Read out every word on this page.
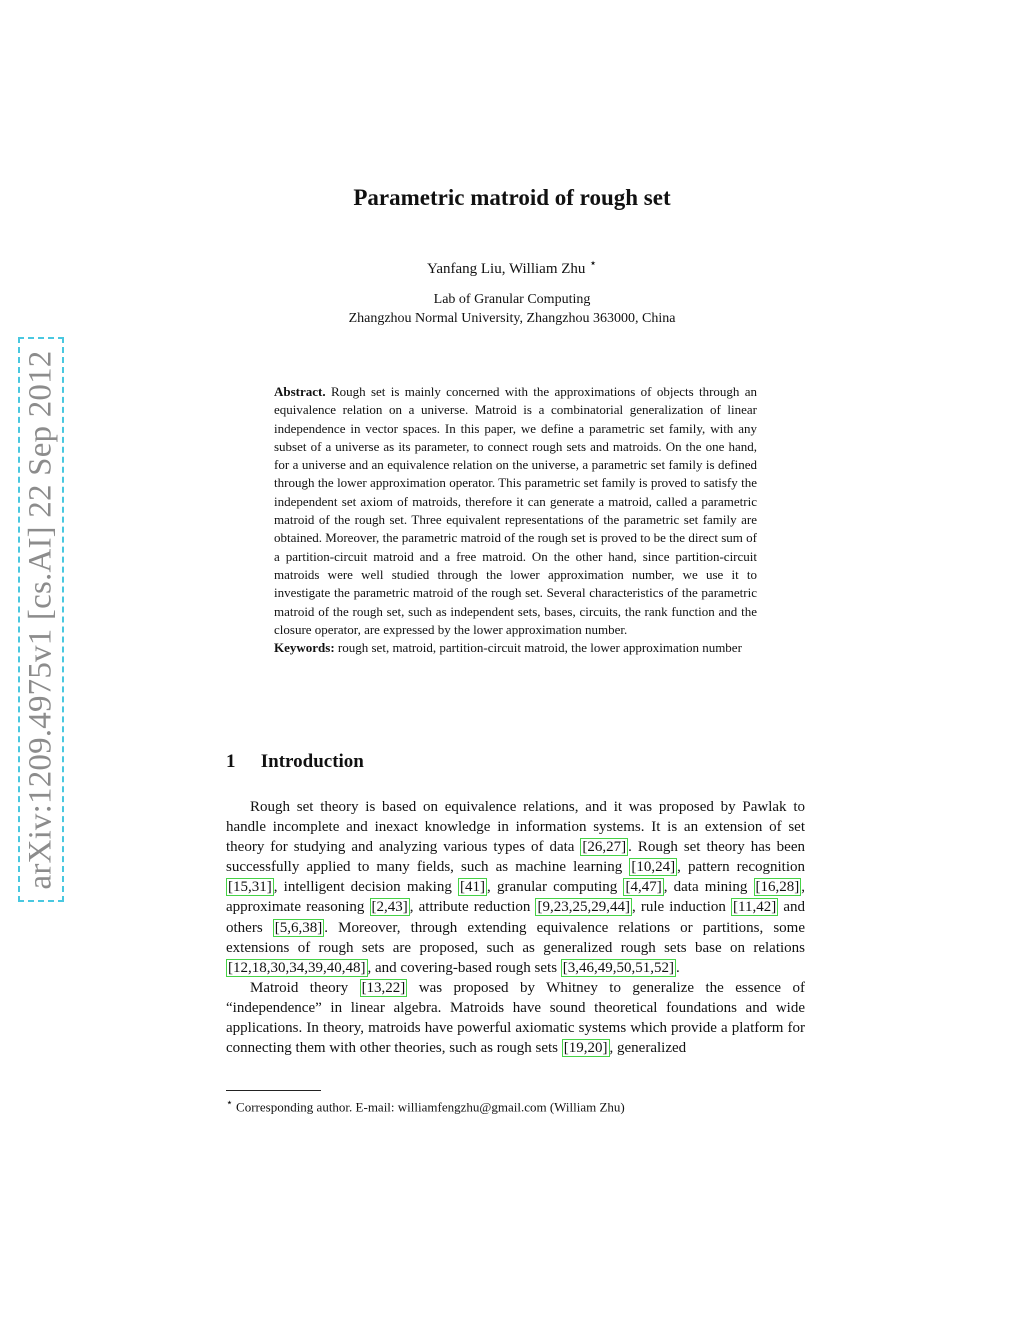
arXiv:1209.4975v1 [cs.AI] 22 Sep 2012
Parametric matroid of rough set
Yanfang Liu, William Zhu ⋆
Lab of Granular Computing
Zhangzhou Normal University, Zhangzhou 363000, China
Abstract. Rough set is mainly concerned with the approximations of objects through an equivalence relation on a universe. Matroid is a combinatorial generalization of linear independence in vector spaces. In this paper, we define a parametric set family, with any subset of a universe as its parameter, to connect rough sets and matroids. On the one hand, for a universe and an equivalence relation on the universe, a parametric set family is defined through the lower approximation operator. This parametric set family is proved to satisfy the independent set axiom of matroids, therefore it can generate a matroid, called a parametric matroid of the rough set. Three equivalent representations of the parametric set family are obtained. Moreover, the parametric matroid of the rough set is proved to be the direct sum of a partition-circuit matroid and a free matroid. On the other hand, since partition-circuit matroids were well studied through the lower approximation number, we use it to investigate the parametric matroid of the rough set. Several characteristics of the parametric matroid of the rough set, such as independent sets, bases, circuits, the rank function and the closure operator, are expressed by the lower approximation number.
Keywords: rough set, matroid, partition-circuit matroid, the lower approximation number
1 Introduction

Rough set theory is based on equivalence relations, and it was proposed by Pawlak to handle incomplete and inexact knowledge in information systems. It is an extension of set theory for studying and analyzing various types of data [26,27] . Rough set theory has been successfully applied to many fields, such as machine learning [10,24] , pattern recognition [15,31] , intelligent decision making [41] , granular computing [4,47] , data mining [16,28] , approximate reasoning [2,43] , attribute reduction [9,23,25,29,44] , rule induction [11,42] and others [5,6,38] . Moreover, through extending equivalence relations or partitions, some extensions of rough sets are proposed, such as generalized rough sets base on relations [12,18,30,34,39,40,48] , and covering-based rough sets [3,46,49,50,51,52] .

Matroid theory [13,22] was proposed by Whitney to generalize the essence of “independence” in linear algebra. Matroids have sound theoretical foundations and wide applications. In theory, matroids have powerful axiomatic systems which provide a platform for connecting them with other theories, such as rough sets [19,20] , generalized

⋆ Corresponding author. E-mail: williamfengzhu@gmail.com (William Zhu)
